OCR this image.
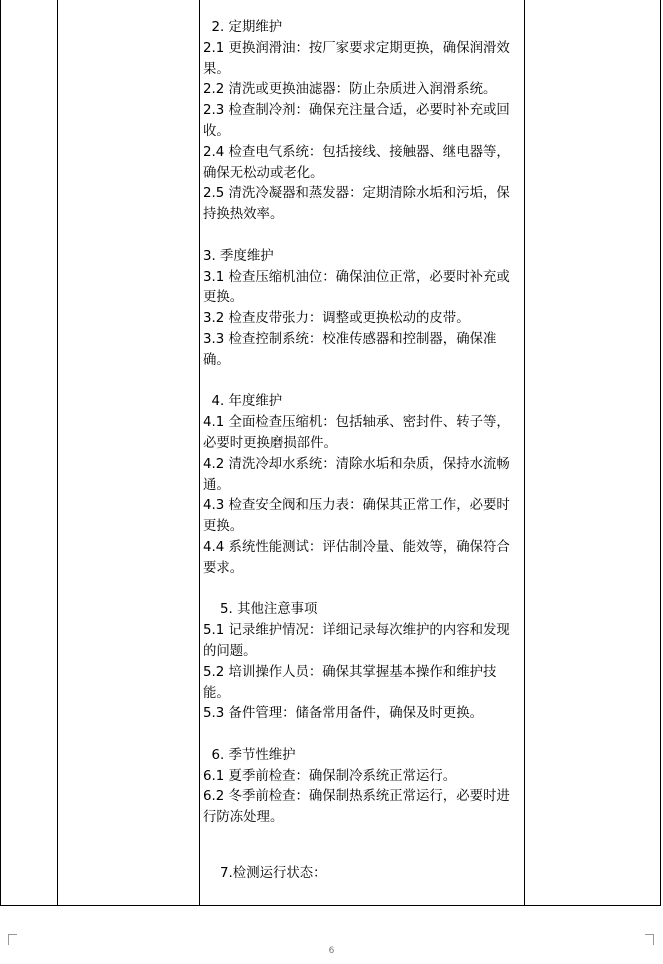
2. 定期维护

2.1 更换润滑油：按厂家要求定期更换，确保润滑效果。

2.2 清洗或更换油滤器：防止杂质进入润滑系统。

2.3 检查制冷剂：确保充注量合适，必要时补充或回收。

2.4 检查电气系统：包括接线、接触器、继电器等，确保无松动或老化。

2.5 清洗冷凝器和蒸发器：定期清除水垢和污垢，保持换热效率。

3. 季度维护

3.1 检查压缩机油位：确保油位正常，必要时补充或更换。

3.2 检查皮带张力：调整或更换松动的皮带。

3.3 检查控制系统：校准传感器和控制器，确保准确。

4. 年度维护

4.1 全面检查压缩机：包括轴承、密封件、转子等，必要时更换磨损部件。

4.2 清洗冷却水系统：清除水垢和杂质，保持水流畅通。

4.3 检查安全阀和压力表：确保其正常工作，必要时更换。

4.4 系统性能测试：评估制冷量、能效等，确保符合要求。

5. 其他注意事项

5.1 记录维护情况：详细记录每次维护的内容和发现的问题。

5.2 培训操作人员：确保其掌握基本操作和维护技能。

5.3 备件管理：储备常用备件，确保及时更换。

6. 季节性维护

6.1 夏季前检查：确保制冷系统正常运行。

6.2 冬季前检查：确保制热系统正常运行，必要时进行防冻处理。

7.检测运行状态：

6
